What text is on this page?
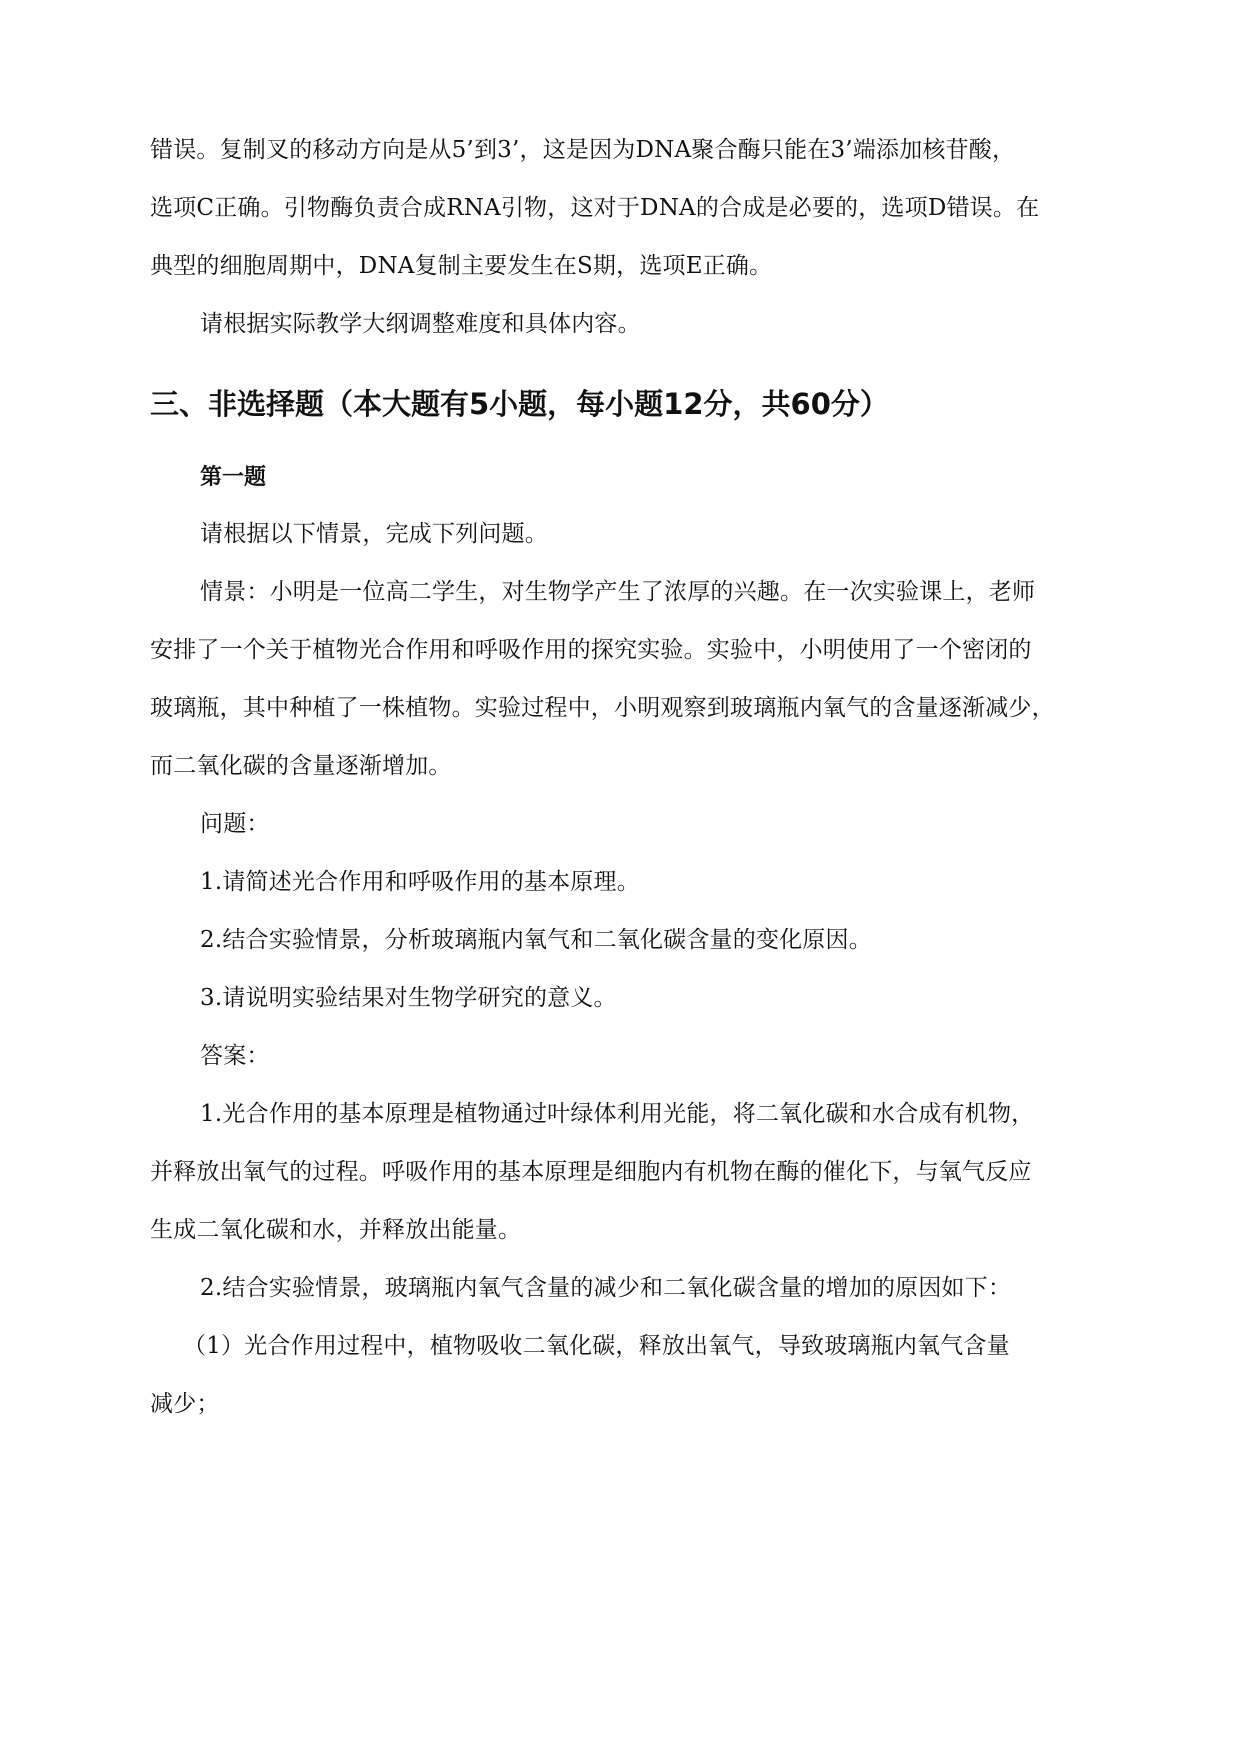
错误。复制叉的移动方向是从5’到3’，这是因为DNA聚合酶只能在3’端添加核苷酸，
选项C正确。引物酶负责合成RNA引物，这对于DNA的合成是必要的，选项D错误。在
典型的细胞周期中，DNA复制主要发生在S期，选项E正确。
请根据实际教学大纲调整难度和具体内容。
三、非选择题（本大题有5小题，每小题12分，共60分）
第一题
请根据以下情景，完成下列问题。
情景：小明是一位高二学生，对生物学产生了浓厚的兴趣。在一次实验课上，老师
安排了一个关于植物光合作用和呼吸作用的探究实验。实验中，小明使用了一个密闭的
玻璃瓶，其中种植了一株植物。实验过程中，小明观察到玻璃瓶内氧气的含量逐渐减少，
而二氧化碳的含量逐渐增加。
问题：
1.请简述光合作用和呼吸作用的基本原理。
2.结合实验情景，分析玻璃瓶内氧气和二氧化碳含量的变化原因。
3.请说明实验结果对生物学研究的意义。
答案：
1.光合作用的基本原理是植物通过叶绿体利用光能，将二氧化碳和水合成有机物，
并释放出氧气的过程。呼吸作用的基本原理是细胞内有机物在酶的催化下，与氧气反应
生成二氧化碳和水，并释放出能量。
2.结合实验情景，玻璃瓶内氧气含量的减少和二氧化碳含量的增加的原因如下：
（1）光合作用过程中，植物吸收二氧化碳，释放出氧气，导致玻璃瓶内氧气含量
减少；
